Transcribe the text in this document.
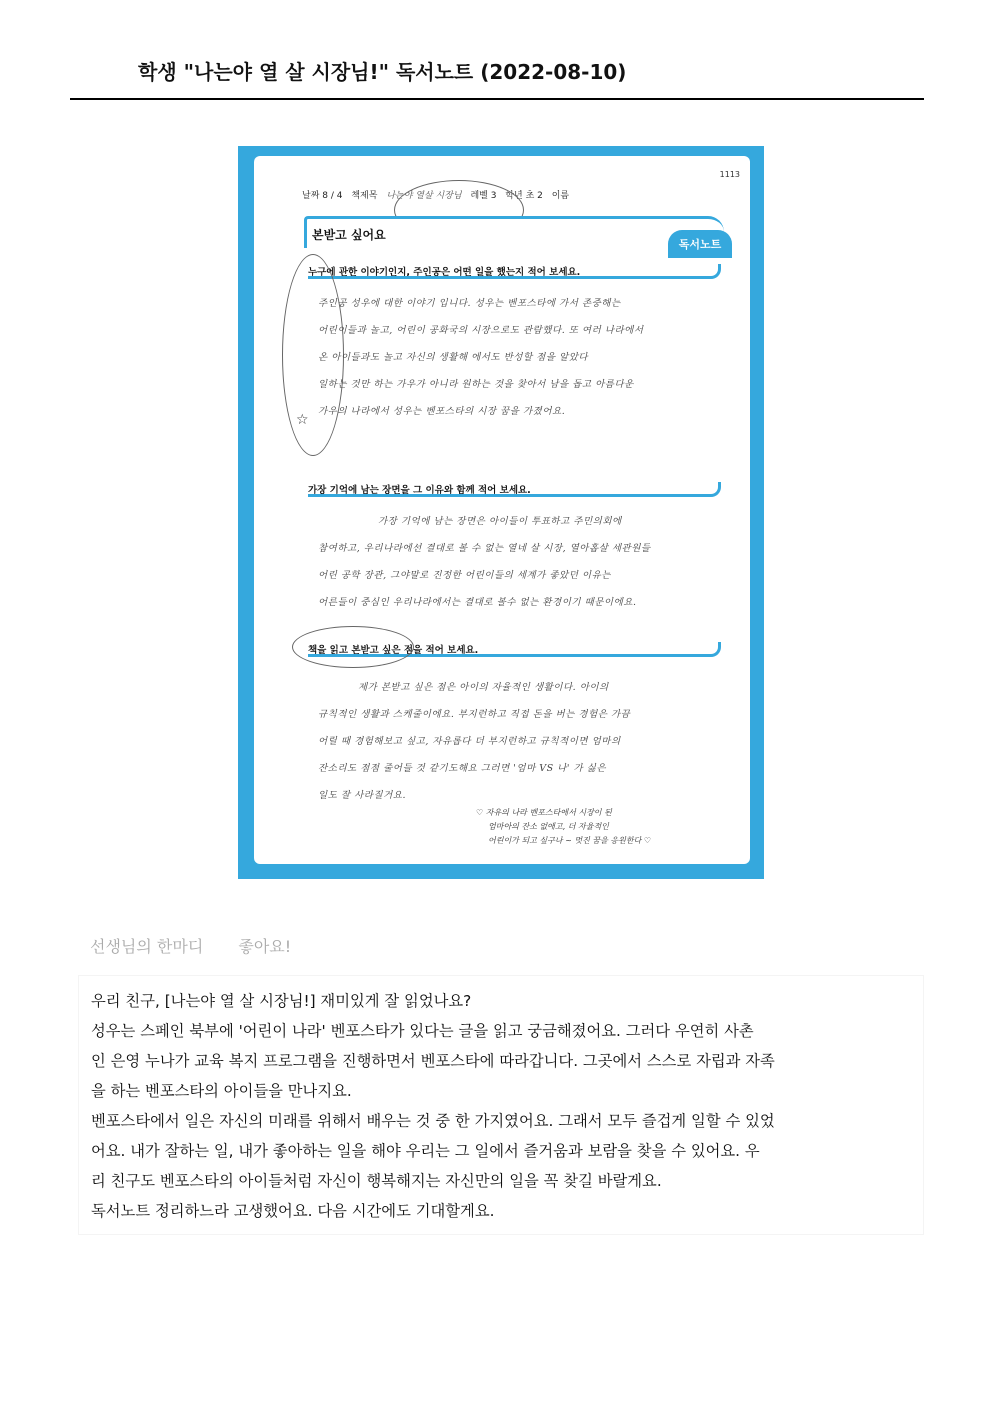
학생 "나는야 열 살 시장님!" 독서노트 (2022-08-10)
1113
날짜 8 / 4 책제목 나는야 열살 시장님 레벨 3 학년 초 2 이름
본받고 싶어요
독서노트
누구에 관한 이야기인지, 주인공은 어떤 일을 했는지 적어 보세요.
주인공 성우에 대한 이야기 입니다. 성우는 벤포스타에 가서 존중해는
어린이들과 놀고, 어린이 공화국의 시장으로도 관람했다. 또 여러 나라에서
온 아이들과도 놀고 자신의 생활해 에서도 반성할 점을 알았다
일하는 것만 하는 가우가 아니라 원하는 것을 찾아서 남을 돕고 아름다운
가우의 나라에서 성우는 벤포스타의 시장 꿈을 가졌어요.
☆
가장 기억에 남는 장면을 그 이유와 함께 적어 보세요.
가장 기억에 남는 장면은 아이들이 투표하고 주민의회에
참여하고, 우리나라에선 결대로 볼 수 없는 열네 살 시장, 열아홉살 세관원들
어린 공학 장관, 그야말로 진정한 어린이들의 세계가 좋았던 이유는
어른들이 중심인 우리나라에서는 결대로 볼수 없는 환경이기 때문이에요.
책을 읽고 본받고 싶은 점을 적어 보세요.
제가 본받고 싶은 점은 아이의 자율적인 생활이다. 아이의
규칙적인 생활과 스케줄이에요. 부지런하고 직접 돈을 버는 경험은 가끔
어릴 때 경험해보고 싶고, 자유롭다 더 부지런하고 규칙적이면 엄마의
잔소리도 점점 줄어들 것 같기도해요 그러면 '엄마 VS 나' 가 싫은
일도 잘 사라질거요.
♡ 자유의 나라 벤포스타에서 시장이 된
엄마아의 잔소 없애고, 더 자율적인
어린이가 되고 싶구나 ~ 멋진 꿈을 응원한다 ♡
선생님의 한마디 좋아요!

우리 친구, [나는야 열 살 시장님!] 재미있게 잘 읽었나요?

성우는 스페인 북부에 '어린이 나라' 벤포스타가 있다는 글을 읽고 궁금해졌어요. 그러다 우연히 사촌

인 은영 누나가 교육 복지 프로그램을 진행하면서 벤포스타에 따라갑니다. 그곳에서 스스로 자립과 자족

을 하는 벤포스타의 아이들을 만나지요.

벤포스타에서 일은 자신의 미래를 위해서 배우는 것 중 한 가지였어요. 그래서 모두 즐겁게 일할 수 있었

어요. 내가 잘하는 일, 내가 좋아하는 일을 해야 우리는 그 일에서 즐거움과 보람을 찾을 수 있어요. 우

리 친구도 벤포스타의 아이들처럼 자신이 행복해지는 자신만의 일을 꼭 찾길 바랄게요.

독서노트 정리하느라 고생했어요. 다음 시간에도 기대할게요.
